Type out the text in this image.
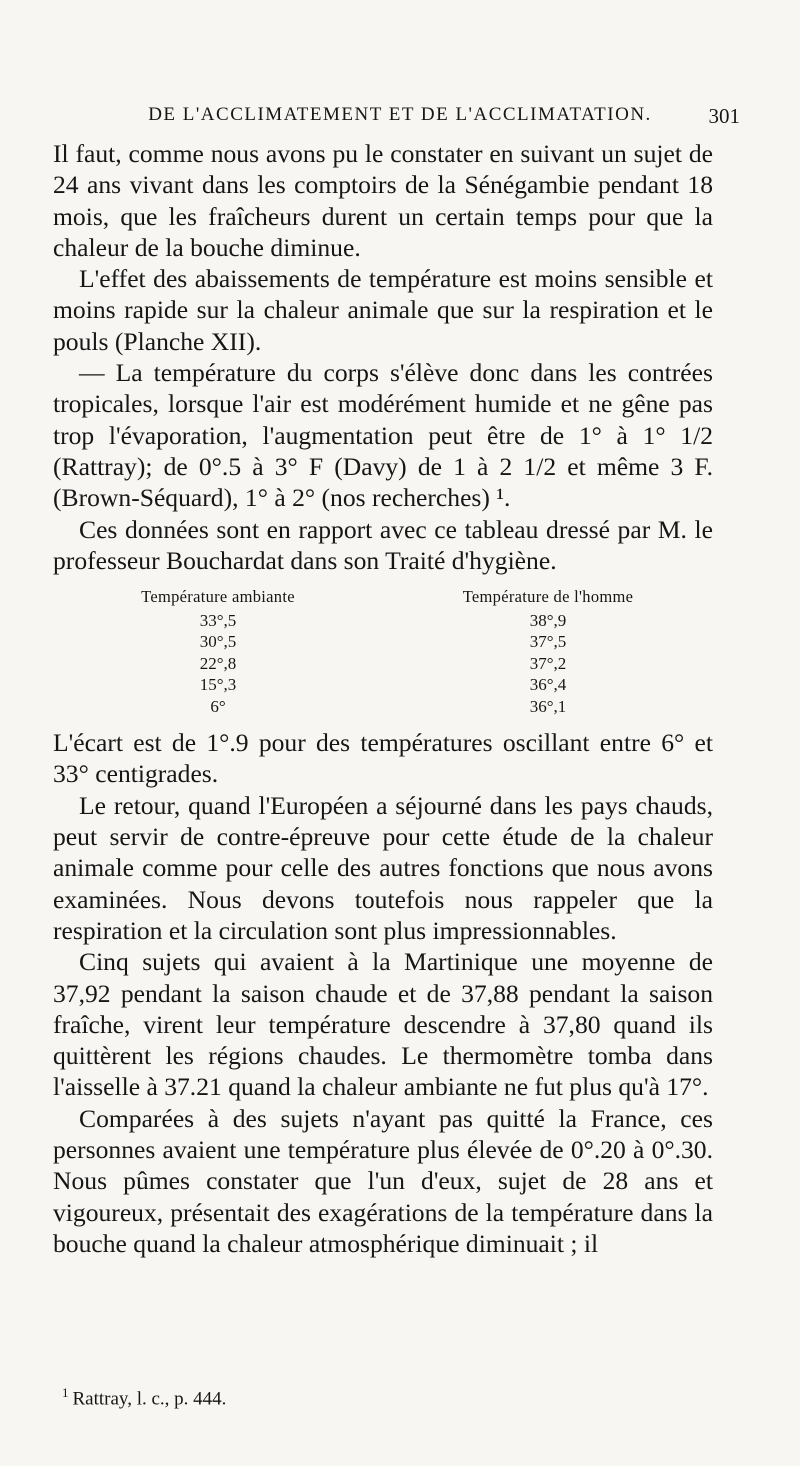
DE L'ACCLIMATEMENT ET DE L'ACCLIMATATION.	301

Il faut, comme nous avons pu le constater en suivant un sujet de 24 ans vivant dans les comptoirs de la Sénégambie pendant 18 mois, que les fraîcheurs durent un certain temps pour que la chaleur de la bouche diminue.

L'effet des abaissements de température est moins sensible et moins rapide sur la chaleur animale que sur la respiration et le pouls (Planche XII).

— La température du corps s'élève donc dans les contrées tropicales, lorsque l'air est modérément humide et ne gêne pas trop l'évaporation, l'augmentation peut être de 1° à 1° 1/2 (Rattray); de 0°.5 à 3° F (Davy) de 1 à 2 1/2 et même 3 F. (Brown-Séquard), 1° à 2° (nos recherches) ¹.

Ces données sont en rapport avec ce tableau dressé par M. le professeur Bouchardat dans son Traité d'hygiène.

Température ambiante	Température de l'homme
33°,5	38°,9
30°,5	37°,5
22°,8	37°,2
15°,3	36°,4
6°	36°,1

L'écart est de 1°.9 pour des températures oscillant entre 6° et 33° centigrades.

Le retour, quand l'Européen a séjourné dans les pays chauds, peut servir de contre-épreuve pour cette étude de la chaleur animale comme pour celle des autres fonctions que nous avons examinées. Nous devons toutefois nous rappeler que la respiration et la circulation sont plus impressionnables.

Cinq sujets qui avaient à la Martinique une moyenne de 37,92 pendant la saison chaude et de 37,88 pendant la saison fraîche, virent leur température descendre à 37,80 quand ils quittèrent les régions chaudes. Le thermomètre tomba dans l'aisselle à 37.21 quand la chaleur ambiante ne fut plus qu'à 17°.

Comparées à des sujets n'ayant pas quitté la France, ces personnes avaient une température plus élevée de 0°.20 à 0°.30. Nous pûmes constater que l'un d'eux, sujet de 28 ans et vigoureux, présentait des exagérations de la température dans la bouche quand la chaleur atmosphérique diminuait ; il

$^1$ Rattray, l. c., p. 444.
